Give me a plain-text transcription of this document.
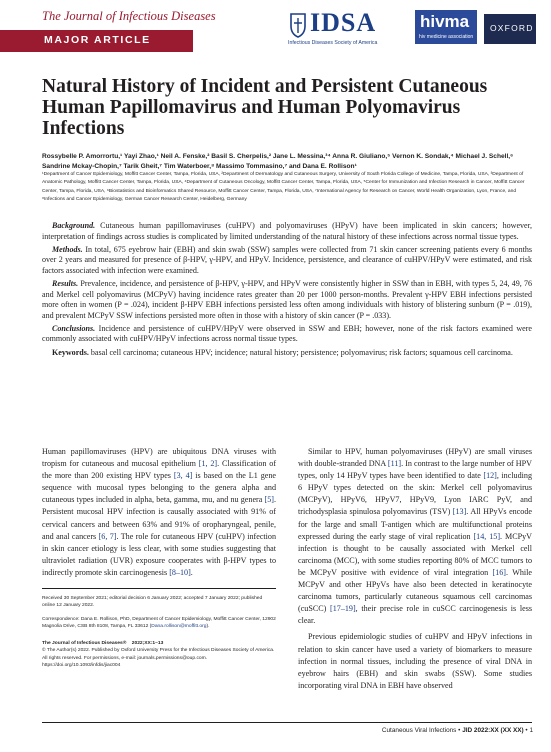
The Journal of Infectious Diseases
MAJOR ARTICLE
IDSA
Infectious Diseases Society of America
hivma
hiv medicine association
OXFORD
Natural History of Incident and Persistent Cutaneous Human Papillomavirus and Human Polyomavirus Infections
Rossybelle P. Amorrortu,¹ Yayi Zhao,¹ Neil A. Fenske,² Basil S. Cherpelis,² Jane L. Messina,³⁴ Anna R. Giuliano,⁵ Vernon K. Sondak,⁴ Michael J. Schell,⁶ Sandrine Mckay-Chopin,⁷ Tarik Gheit,⁷ Tim Waterboer,⁸ Massimo Tommasino,⁷ and Dana E. Rollison¹
¹Department of Cancer Epidemiology, Moffitt Cancer Center, Tampa, Florida, USA, ²Department of Dermatology and Cutaneous Surgery, University of South Florida College of Medicine, Tampa, Florida, USA, ³Department of Anatomic Pathology, Moffitt Cancer Center, Tampa, Florida, USA, ⁴Department of Cutaneous Oncology, Moffitt Cancer Center, Tampa, Florida, USA, ⁵Center for Immunization and Infection Research in Cancer, Moffitt Cancer Center, Tampa, Florida, USA, ⁶Biostatistics and Bioinformatics Shared Resource, Moffitt Cancer Center, Tampa, Florida, USA, ⁷International Agency for Research on Cancer, World Health Organization, Lyon, France, and ⁸Infections and Cancer Epidemiology, German Cancer Research Center, Heidelberg, Germany

Background. Cutaneous human papillomaviruses (cuHPV) and polyomaviruses (HPyV) have been implicated in skin cancers; however, interpretation of findings across studies is complicated by limited understanding of the natural history of these infections across normal tissue types.

Methods. In total, 675 eyebrow hair (EBH) and skin swab (SSW) samples were collected from 71 skin cancer screening patients every 6 months over 2 years and measured for presence of β-HPV, γ-HPV, and HPyV. Incidence, persistence, and clearance of cuHPV/HPyV were estimated, and risk factors associated with infection were examined.

Results. Prevalence, incidence, and persistence of β-HPV, γ-HPV, and HPyV were consistently higher in SSW than in EBH, with types 5, 24, 49, 76 and Merkel cell polyomavirus (MCPyV) having incidence rates greater than 20 per 1000 person-months. Prevalent γ-HPV EBH infections persisted more often in women (P = .024), incident β-HPV EBH infections persisted less often among individuals with history of blistering sunburn (P = .019), and prevalent MCPyV SSW infections persisted more often in those with a history of skin cancer (P = .033).

Conclusions. Incidence and persistence of cuHPV/HPyV were observed in SSW and EBH; however, none of the risk factors examined were commonly associated with cuHPV/HPyV infections across normal tissue types.

Keywords. basal cell carcinoma; cutaneous HPV; incidence; natural history; persistence; polyomavirus; risk factors; squamous cell carcinoma.

Human papillomaviruses (HPV) are ubiquitous DNA viruses with tropism for cutaneous and mucosal epithelium [1, 2]. Classification of the more than 200 existing HPV types [3, 4] is based on the L1 gene sequence with mucosal types belonging to the genera alpha and cutaneous types included in alpha, beta, gamma, mu, and nu genera [5]. Persistent mucosal HPV infection is causally associated with 91% of cervical cancers and between 63% and 91% of oropharyngeal, penile, and anal cancers [6, 7]. The role for cutaneous HPV (cuHPV) infection in skin cancer etiology is less clear, with some studies suggesting that ultraviolet radiation (UVR) exposure cooperates with β-HPV types to indirectly promote skin carcinogenesis [8–10].

Similar to HPV, human polyomaviruses (HPyV) are small viruses with double-stranded DNA [11]. In contrast to the large number of HPV types, only 14 HPyV types have been identified to date [12], including 6 HPyV types detected on the skin: Merkel cell polyomavirus (MCPyV), HPyV6, HPyV7, HPyV9, Lyon IARC PyV, and trichodysplasia spinulosa polyomavirus (TSV) [13]. All HPyVs encode for the large and small T-antigen which are multifunctional proteins expressed during the early stage of viral replication [14, 15]. MCPyV infection is thought to be causally associated with Merkel cell carcinoma (MCC), with some studies reporting 80% of MCC tumors to be MCPyV positive with evidence of viral integration [16]. While MCPyV and other HPyVs have also been detected in keratinocyte carcinoma tumors, particularly cutaneous squamous cell carcinomas (cuSCC) [17–19], their precise role in cuSCC carcinogenesis is less clear.

Previous epidemiologic studies of cuHPV and HPyV infections in relation to skin cancer have used a variety of biomarkers to measure infection in normal tissues, including the presence of viral DNA in eyebrow hairs (EBH) and skin swabs (SSW). Some studies incorporating viral DNA in EBH have observed

Received 30 September 2021; editorial decision 6 January 2022; accepted 7 January 2022; published online 12 January 2022.
Correspondence: Dana E. Rollison, PhD, Department of Cancer Epidemiology, Moffitt Cancer Center, 12902 Magnolia Drive, CSB 8th 8108, Tampa, FL 33612 (Dana.rollison@moffitt.org).
The Journal of Infectious Diseases® 2022;XX:1–13
© The Author(s) 2022. Published by Oxford University Press for the Infectious Diseases Society of America. All rights reserved. For permissions, e-mail: journals.permissions@oup.com.
https://doi.org/10.1093/infdis/jiac004
Cutaneous Viral Infections • JID 2022:XX (XX XX) • 1
